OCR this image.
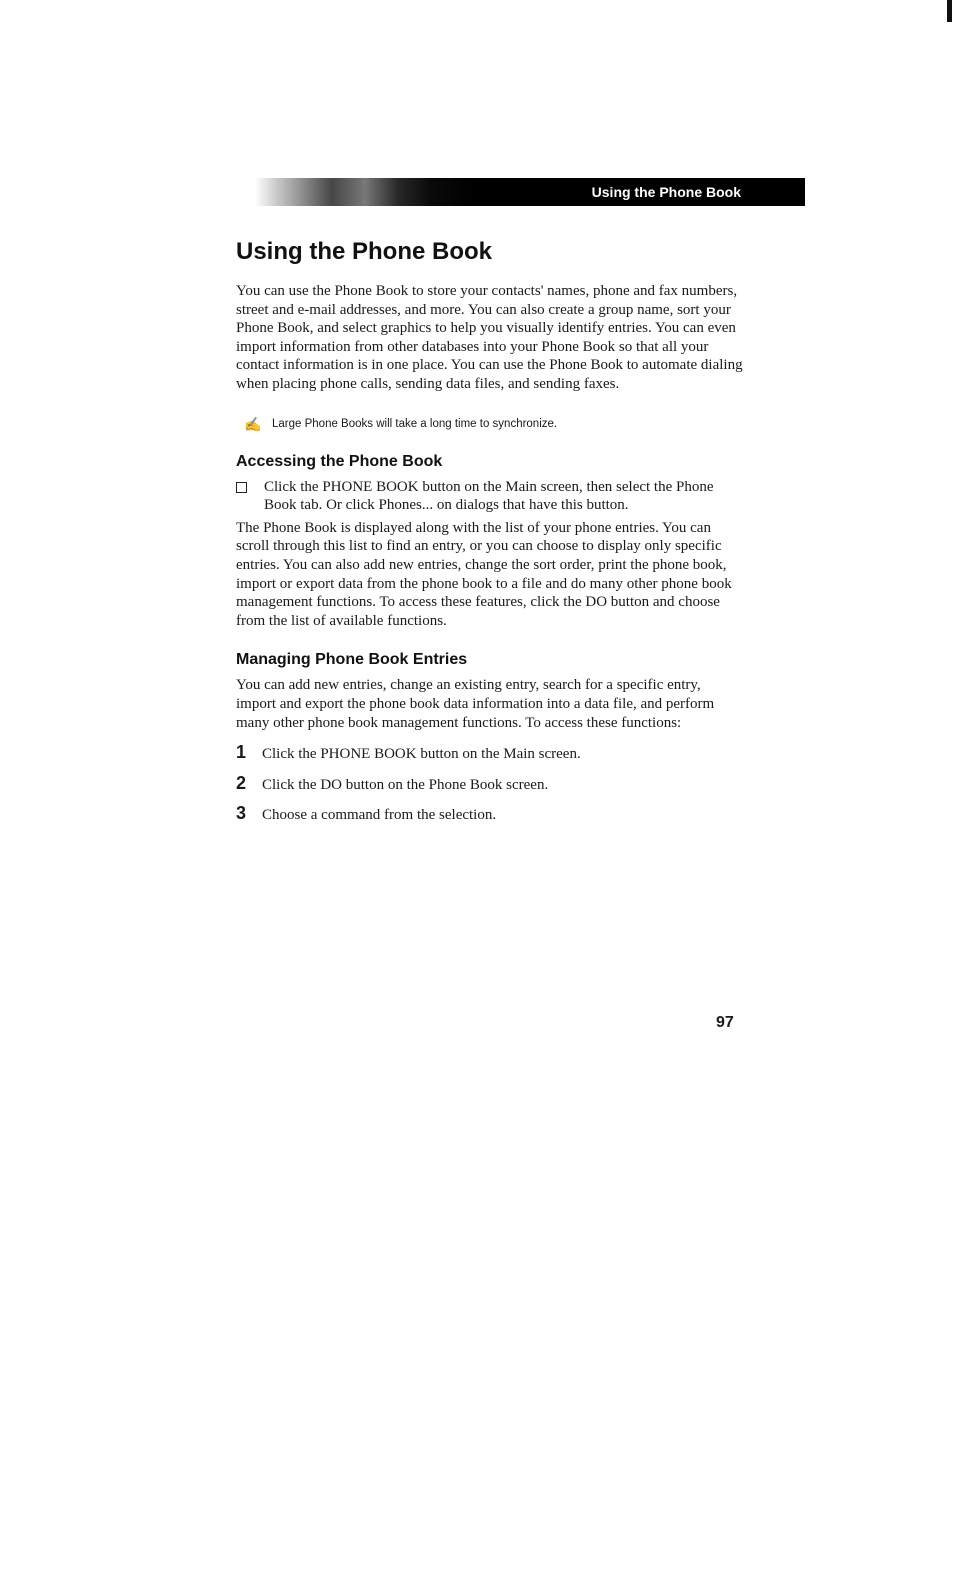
Using the Phone Book
Using the Phone Book

You can use the Phone Book to store your contacts' names, phone and fax numbers, street and e-mail addresses, and more. You can also create a group name, sort your Phone Book, and select graphics to help you visually identify entries. You can even import information from other databases into your Phone Book so that all your contact information is in one place. You can use the Phone Book to automate dialing when placing phone calls, sending data files, and sending faxes.

✍ Large Phone Books will take a long time to synchronize.
Accessing the Phone Book
Click the PHONE BOOK button on the Main screen, then select the Phone Book tab. Or click Phones... on dialogs that have this button.

The Phone Book is displayed along with the list of your phone entries. You can scroll through this list to find an entry, or you can choose to display only specific entries. You can also add new entries, change the sort order, print the phone book, import or export data from the phone book to a file and do many other phone book management functions. To access these features, click the DO button and choose from the list of available functions.

Managing Phone Book Entries

You can add new entries, change an existing entry, search for a specific entry, import and export the phone book data information into a data file, and perform many other phone book management functions. To access these functions:

1	Click the PHONE BOOK button on the Main screen.
2	Click the DO button on the Phone Book screen.
3	Choose a command from the selection.
97
